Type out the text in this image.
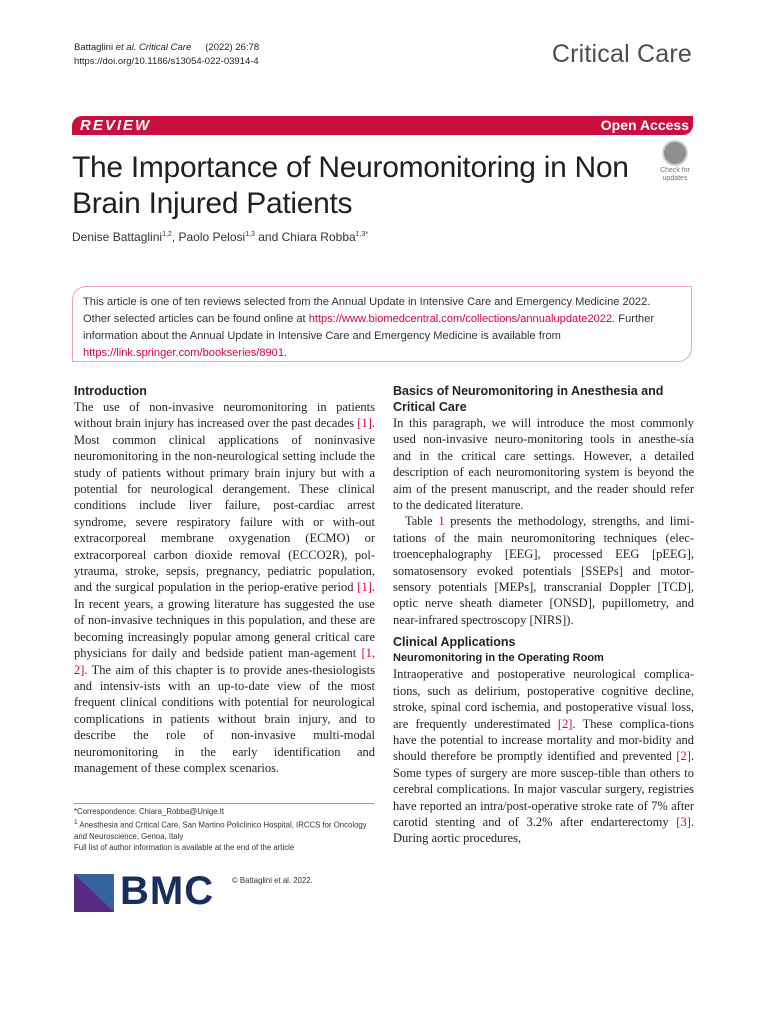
Battaglini et al. Critical Care (2022) 26:78
https://doi.org/10.1186/s13054-022-03914-4	Critical Care
REVIEW	Open Access
The Importance of Neuromonitoring in Non Brain Injured Patients
Check for
updates
Denise Battaglini$^{1,2}$, Paolo Pelosi$^{1,3}$ and Chiara Robba$^{1,3*}$
This article is one of ten reviews selected from the Annual Update in Intensive Care and Emergency Medicine 2022. Other selected articles can be found online at https://www.biomedcentral.com/collections/annualupdate2022. Further information about the Annual Update in Intensive Care and Emergency Medicine is available from https://link.springer.com/bookseries/8901.
Introduction

The use of non-invasive neuromonitoring in patients without brain injury has increased over the past decades [1]. Most common clinical applications of noninvasive neuromonitoring in the non-neurological setting include the study of patients without primary brain injury but with a potential for neurological derangement. These clinical conditions include liver failure, post-cardiac arrest syndrome, severe respiratory failure with or with-out extracorporeal membrane oxygenation (ECMO) or extracorporeal carbon dioxide removal (ECCO2R), pol-ytrauma, stroke, sepsis, pregnancy, pediatric population, and the surgical population in the periop-erative period [1]. In recent years, a growing literature has suggested the use of non-invasive techniques in this population, and these are becoming increasingly popular among general critical care physicians for daily and bedside patient man-agement [1, 2]. The aim of this chapter is to provide anes-thesiologists and intensiv-ists with an up-to-date view of the most frequent clinical conditions with potential for neurological complications in patients without brain injury, and to describe the role of non-invasive multi-modal neuromonitoring in the early identification and management of these complex scenarios.

*Correspondence: Chiara_Robba@Unige.It
$^1$ Anesthesia and Critical Care, San Martino Policlinico Hospital, IRCCS for Oncology and Neuroscience, Genoa, Italy
Full list of author information is available at the end of the article
BMC © Battaglini et al. 2022.
Basics of Neuromonitoring in Anesthesia and Critical Care

In this paragraph, we will introduce the most commonly used non-invasive neuro-monitoring tools in anesthe-sia and in the critical care settings. However, a detailed description of each neuromonitoring system is beyond the aim of the present manuscript, and the reader should refer to the dedicated literature.

Table 1 presents the methodology, strengths, and limi-tations of the main neuromonitoring techniques (elec-troencephalography [EEG], processed EEG [pEEG], somatosensory evoked potentials [SSEPs] and motor-sensory potentials [MEPs], transcranial Doppler [TCD], optic nerve sheath diameter [ONSD], pupillometry, and near-infrared spectroscopy [NIRS]).

Clinical Applications
Neuromonitoring in the Operating Room

Intraoperative and postoperative neurological complica-tions, such as delirium, postoperative cognitive decline, stroke, spinal cord ischemia, and postoperative visual loss, are frequently underestimated [2]. These complica-tions have the potential to increase mortality and mor-bidity and should therefore be promptly identified and prevented [2]. Some types of surgery are more suscep-tible than others to cerebral complications. In major vascular surgery, registries have reported an intra/post-operative stroke rate of 7% after carotid stenting and of 3.2% after endarterectomy [3]. During aortic procedures,
